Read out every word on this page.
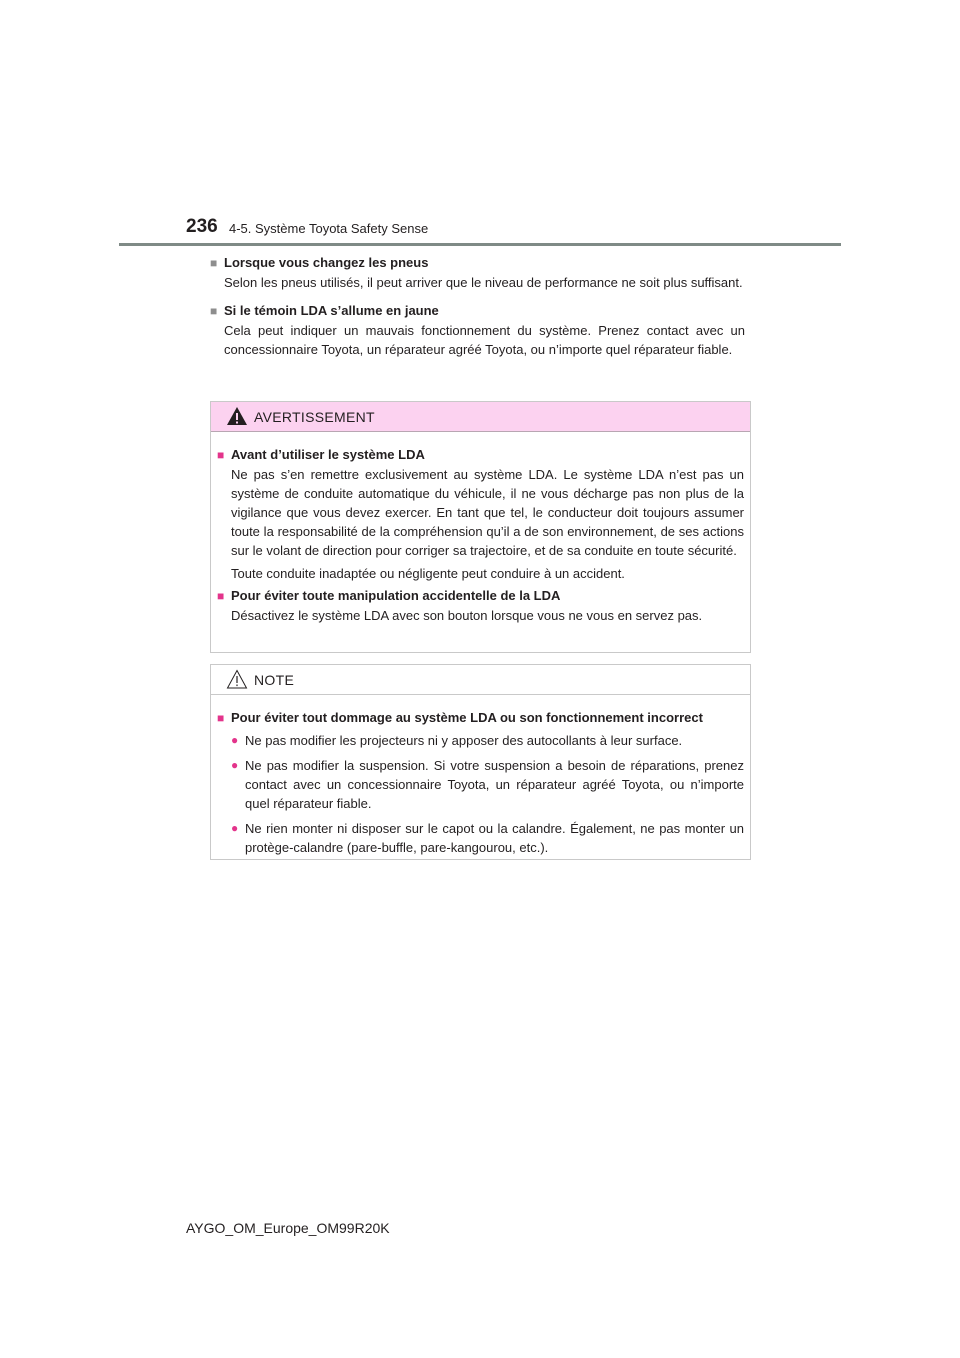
236 4-5. Système Toyota Safety Sense
■ Lorsque vous changez les pneus
Selon les pneus utilisés, il peut arriver que le niveau de performance ne soit plus suffisant.
■ Si le témoin LDA s’allume en jaune
Cela peut indiquer un mauvais fonctionnement du système. Prenez contact avec un concessionnaire Toyota, un réparateur agréé Toyota, ou n’importe quel réparateur fiable.
AVERTISSEMENT
■ Avant d’utiliser le système LDA

Ne pas s’en remettre exclusivement au système LDA. Le système LDA n’est pas un système de conduite automatique du véhicule, il ne vous décharge pas non plus de la vigilance que vous devez exercer. En tant que tel, le conducteur doit toujours assumer toute la responsabilité de la compréhension qu’il a de son environnement, de ses actions sur le volant de direction pour corriger sa trajectoire, et de sa conduite en toute sécurité.

Toute conduite inadaptée ou négligente peut conduire à un accident.

■ Pour éviter toute manipulation accidentelle de la LDA

Désactivez le système LDA avec son bouton lorsque vous ne vous en servez pas.

NOTE
■ Pour éviter tout dommage au système LDA ou son fonctionnement incorrect
● Ne pas modifier les projecteurs ni y apposer des autocollants à leur surface.
● Ne pas modifier la suspension. Si votre suspension a besoin de réparations, prenez contact avec un concessionnaire Toyota, un réparateur agréé Toyota, ou n’importe quel réparateur fiable.
● Ne rien monter ni disposer sur le capot ou la calandre. Également, ne pas monter un protège-calandre (pare-buffle, pare-kangourou, etc.).
AYGO_OM_Europe_OM99R20K
